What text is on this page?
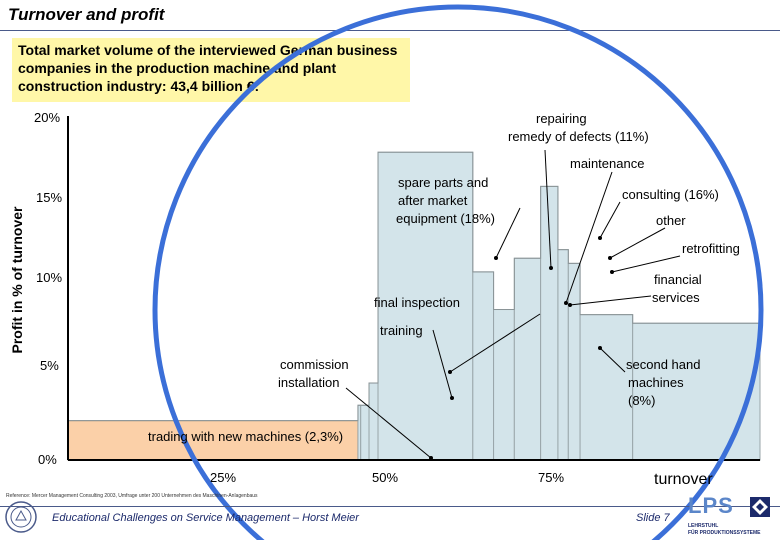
Turnover and profit
Total market volume of the interviewed German business companies in the production machine and plant construction industry: 43,4 billion €:
20%
15%
10%
5%
0%
25%	50%	75%	turnover
Profit in % of turnover
repairing
remedy of defects (11%)
maintenance
spare parts and
after market
equipment (18%)
consulting (16%)
other
retrofitting
financial
services
final inspection
training
commission
installation
second hand
machines
(8%)
trading with new machines (2,3%)
Reference: Mercer Management Consulting 2003, Umfrage unter 200 Unternehmen des Maschinen-Anlagenbaus
Educational Challenges on Service Management – Horst Meier	Slide 7 LPS
LEHRSTUHL
FÜR PRODUKTIONSSYSTEME
